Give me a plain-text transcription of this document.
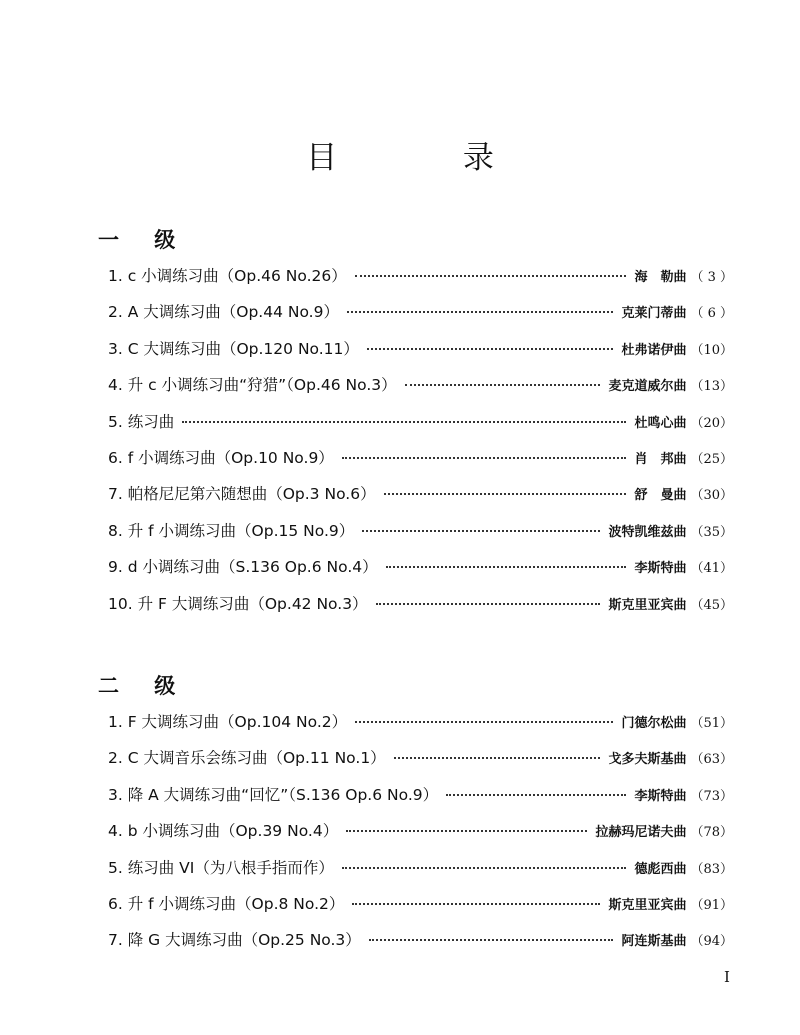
目 录
一 级
1. c 小调练习曲（Op.46 No.26）	海　勒曲 （ 3 ）
2. A 大调练习曲（Op.44 No.9）	克莱门蒂曲 （ 6 ）
3. C 大调练习曲（Op.120 No.11）	杜弗诺伊曲 （10）
4. 升 c 小调练习曲“狩猎”（Op.46 No.3）	麦克道威尔曲 （13）
5. 练习曲	杜鸣心曲 （20）
6. f 小调练习曲（Op.10 No.9）	肖　邦曲 （25）
7. 帕格尼尼第六随想曲（Op.3 No.6）	舒　曼曲 （30）
8. 升 f 小调练习曲（Op.15 No.9）	波特凯维兹曲 （35）
9. d 小调练习曲（S.136 Op.6 No.4）	李斯特曲 （41）
10. 升 F 大调练习曲（Op.42 No.3）	斯克里亚宾曲 （45）
二 级
1. F 大调练习曲（Op.104 No.2）	门德尔松曲 （51）
2. C 大调音乐会练习曲（Op.11 No.1）	戈多夫斯基曲 （63）
3. 降 A 大调练习曲“回忆”（S.136 Op.6 No.9）	李斯特曲 （73）
4. b 小调练习曲（Op.39 No.4）	拉赫玛尼诺夫曲 （78）
5. 练习曲 VI（为八根手指而作）	德彪西曲 （83）
6. 升 f 小调练习曲（Op.8 No.2）	斯克里亚宾曲 （91）
7. 降 G 大调练习曲（Op.25 No.3）	阿连斯基曲 （94）
I
